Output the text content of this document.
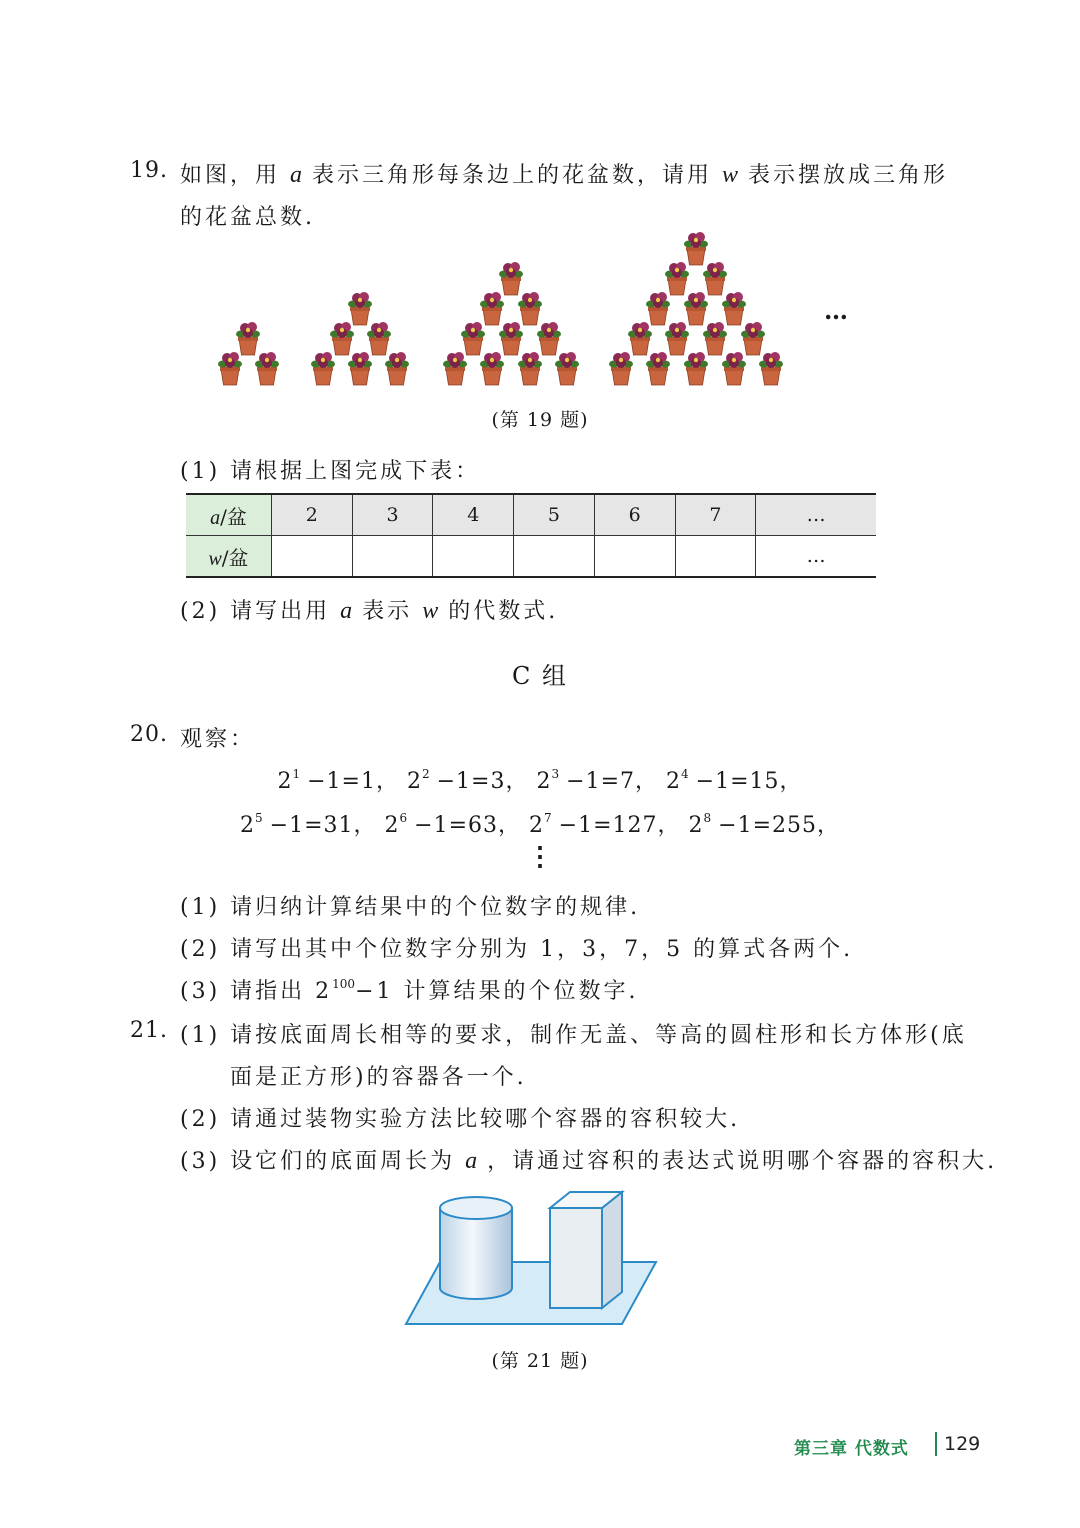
19. 如图，用 a 表示三角形每条边上的花盆数，请用 w 表示摆放成三角形
的花盆总数.
…
(第 19 题)
(1) 请根据上图完成下表：
a/盆	2	3	4	5	6	7	…
w/盆							…
(2) 请写出用 a 表示 w 的代数式.
C 组
20. 观察：
$2^1 -1=1$， $2^2 -1=3$， $2^3 -1=7$， $2^4 -1=15$，
$2^5 -1=31$， $2^6 -1=63$， $2^7 -1=127$， $2^8 -1=255$，
⋮
(1) 请归纳计算结果中的个位数字的规律.
(2) 请写出其中个位数字分别为 1，3，7，5 的算式各两个.
(3) 请指出 $2^{100}-1$ 计算结果的个位数字.
21. (1) 请按底面周长相等的要求，制作无盖、等高的圆柱形和长方体形(底
面是正方形)的容器各一个.
(2) 请通过装物实验方法比较哪个容器的容积较大.
(3) 设它们的底面周长为 a ，请通过容积的表达式说明哪个容器的容积大.
(第 21 题)
第三章 代数式 129
